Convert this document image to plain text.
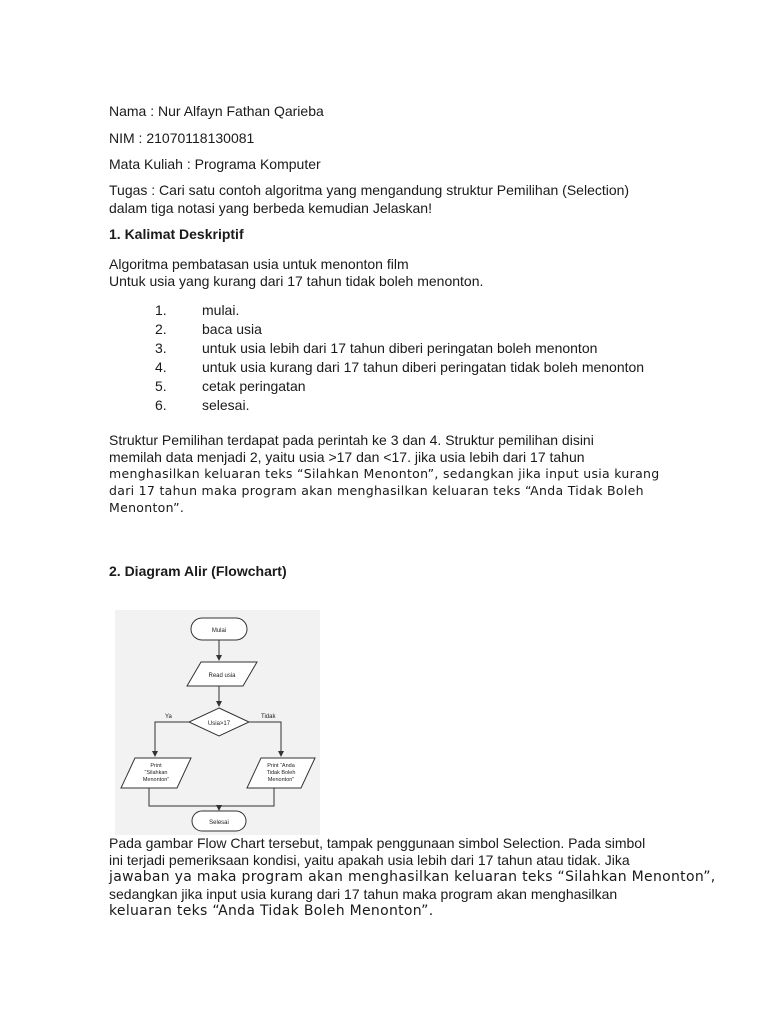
Nama : Nur Alfayn Fathan Qarieba
NIM : 21070118130081
Mata Kuliah : Programa Komputer
Tugas : Cari satu contoh algoritma yang mengandung struktur Pemilihan (Selection)
dalam tiga notasi yang berbeda kemudian Jelaskan!
1. Kalimat Deskriptif
Algoritma pembatasan usia untuk menonton film
Untuk usia yang kurang dari 17 tahun tidak boleh menonton.
1.	mulai.
2.	baca usia
3.	untuk usia lebih dari 17 tahun diberi peringatan boleh menonton
4.	untuk usia kurang dari 17 tahun diberi peringatan tidak boleh menonton
5.	cetak peringatan
6.	selesai.
Struktur Pemilihan terdapat pada perintah ke 3 dan 4. Struktur pemilihan disini
memilah data menjadi 2, yaitu usia >17 dan <17. jika usia lebih dari 17 tahun
menghasilkan keluaran teks “Silahkan Menonton”, sedangkan jika input usia kurang
dari 17 tahun maka program akan menghasilkan keluaran teks “Anda Tidak Boleh
Menonton”.
2. Diagram Alir (Flowchart)
Pada gambar Flow Chart tersebut, tampak penggunaan simbol Selection. Pada simbol
ini terjadi pemeriksaan kondisi, yaitu apakah usia lebih dari 17 tahun atau tidak. Jika
jawaban ya maka program akan menghasilkan keluaran teks “Silahkan Menonton”,
sedangkan jika input usia kurang dari 17 tahun maka program akan menghasilkan
keluaran teks “Anda Tidak Boleh Menonton”.
Mulai
Read usia
Usia>17
Ya	Tidak
Print
“Silahkan
Menonton”
Print “Anda
Tidak Boleh
Menonton”
Selesai
